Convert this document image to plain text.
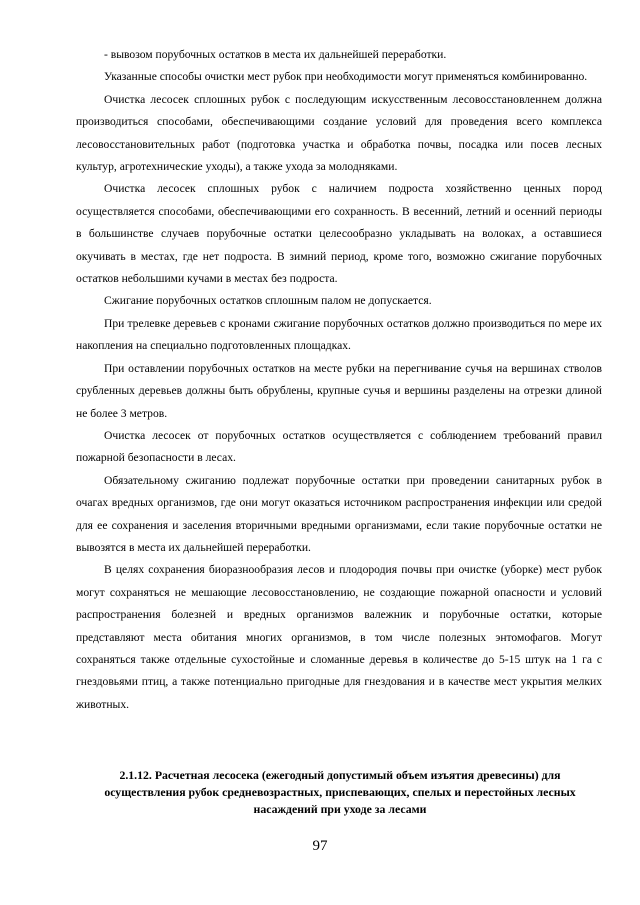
- вывозом порубочных остатков в места их дальнейшей переработки.

Указанные способы очистки мест рубок при необходимости могут применяться комбинированно.

Очистка лесосек сплошных рубок с последующим искусственным лесовосстановленнем должна производиться способами, обеспечивающими создание условий для проведения всего комплекса лесовосстановительных работ (подготовка участка и обработка почвы, посадка или посев лесных культур, агротехнические уходы), а также ухода за молодняками.

Очистка лесосек сплошных рубок с наличием подроста хозяйственно ценных пород осуществляется способами, обеспечивающими его сохранность. В весенний, летний и осенний периоды в большинстве случаев порубочные остатки целесообразно укладывать на волоках, а оставшиеся окучивать в местах, где нет подроста. В зимний период, кроме того, возможно сжигание порубочных остатков небольшими кучами в местах без подроста.

Сжигание порубочных остатков сплошным палом не допускается.

При трелевке деревьев с кронами сжигание порубочных остатков должно производиться по мере их накопления на специально подготовленных площадках.

При оставлении порубочных остатков на месте рубки на перегнивание сучья на вершинах стволов срубленных деревьев должны быть обрублены, крупные сучья и вершины разделены на отрезки длиной не более 3 метров.

Очистка лесосек от порубочных остатков осуществляется с соблюдением требований правил пожарной безопасности в лесах.

Обязательному сжиганию подлежат порубочные остатки при проведении санитарных рубок в очагах вредных организмов, где они могут оказаться источником распространения инфекции или средой для ее сохранения и заселения вторичными вредными организмами, если такие порубочные остатки не вывозятся в места их дальнейшей переработки.

В целях сохранения биоразнообразия лесов и плодородия почвы при очистке (уборке) мест рубок могут сохраняться не мешающие лесовосстановлению, не создающие пожарной опасности и условий распространения болезней и вредных организмов валежник и порубочные остатки, которые представляют места обитания многих организмов, в том числе полезных энтомофагов. Могут сохраняться также отдельные сухостойные и сломанные деревья в количестве до 5-15 штук на 1 га с гнездовьями птиц, а также потенциально пригодные для гнездования и в качестве мест укрытия мелких животных.

2.1.12. Расчетная лесосека (ежегодный допустимый объем изъятия древесины) для осуществления рубок средневозрастных, приспевающих, спелых и перестойных лесных насаждений при уходе за лесами

97
